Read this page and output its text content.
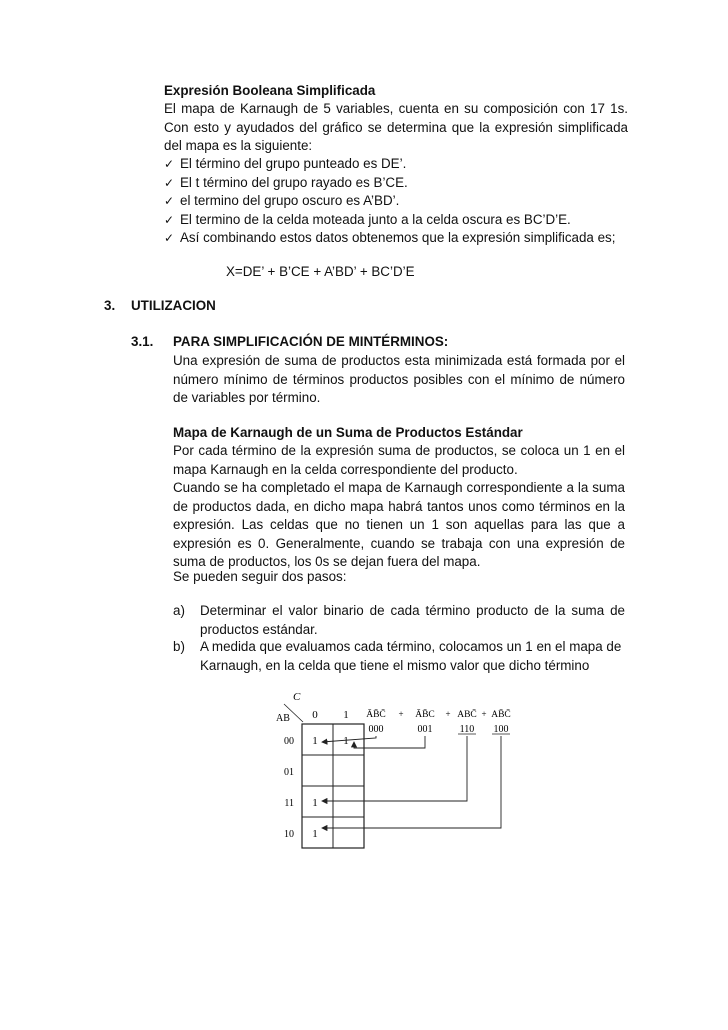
Expresión Booleana Simplificada
El mapa de Karnaugh de 5 variables, cuenta en su composición con 17 1s. Con esto y ayudados del gráfico se determina que la expresión simplificada del mapa es la siguiente:
✓ El término del grupo punteado es DE’.
✓ El t término del grupo rayado es B’CE.
✓ el termino del grupo oscuro es A’BD’.
✓ El termino de la celda moteada junto a la celda oscura es BC’D’E.
✓ Así combinando estos datos obtenemos que la expresión simplificada es;
X=DE’ + B’CE + A’BD’ + BC’D’E
3. UTILIZACION
3.1. PARA SIMPLIFICACIÓN DE MINTÉRMINOS:
Una expresión de suma de productos esta minimizada está formada por el número mínimo de términos productos posibles con el mínimo de número de variables por término.
Mapa de Karnaugh de un Suma de Productos Estándar
Por cada término de la expresión suma de productos, se coloca un 1 en el mapa Karnaugh en la celda correspondiente del producto.
Cuando se ha completado el mapa de Karnaugh correspondiente a la suma de productos dada, en dicho mapa habrá tantos unos como términos en la expresión. Las celdas que no tienen un 1 son aquellas para las que a expresión es 0. Generalmente, cuando se trabaja con una expresión de suma de productos, los 0s se dejan fuera del mapa.
Se pueden seguir dos pasos:
a) Determinar el valor binario de cada término producto de la suma de productos estándar.
b) A medida que evaluamos cada término, colocamos un 1 en el mapa de Karnaugh, en la celda que tiene el mismo valor que dicho término
C
AB 0 1
00
01
11
10
1 1
1
1
ĀB̄C̄ + ĀB̄C + ABC̄ + AB̄C̄
000	001	110 100
